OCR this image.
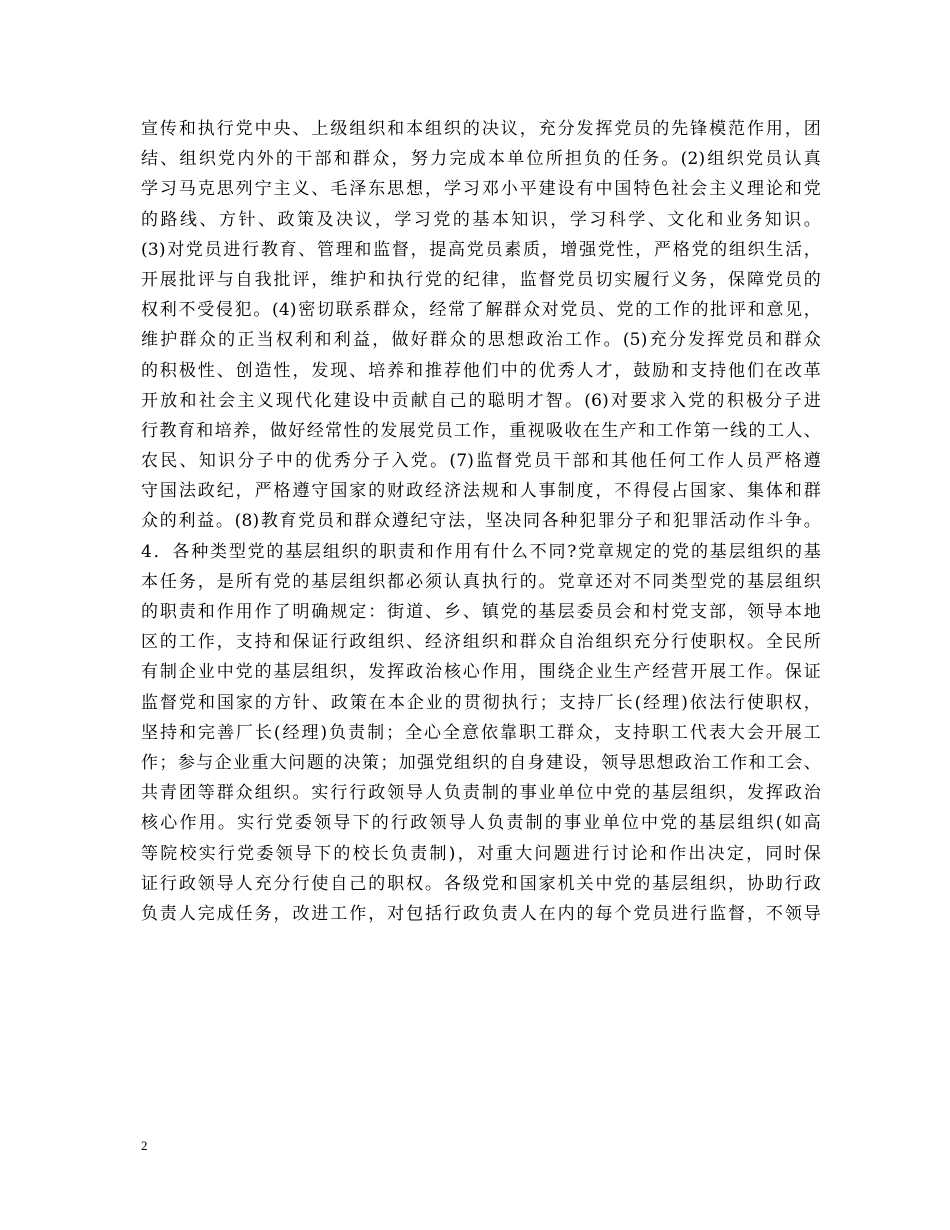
宣传和执行党中央、上级组织和本组织的决议，充分发挥党员的先锋模范作用，团
结、组织党内外的干部和群众，努力完成本单位所担负的任务。(2)组织党员认真
学习马克思列宁主义、毛泽东思想，学习邓小平建设有中国特色社会主义理论和党
的路线、方针、政策及决议，学习党的基本知识，学习科学、文化和业务知识。
(3)对党员进行教育、管理和监督，提高党员素质，增强党性，严格党的组织生活，
开展批评与自我批评，维护和执行党的纪律，监督党员切实履行义务，保障党员的
权利不受侵犯。(4)密切联系群众，经常了解群众对党员、党的工作的批评和意见，
维护群众的正当权利和利益，做好群众的思想政治工作。(5)充分发挥党员和群众
的积极性、创造性，发现、培养和推荐他们中的优秀人才，鼓励和支持他们在改革
开放和社会主义现代化建设中贡献自己的聪明才智。(6)对要求入党的积极分子进
行教育和培养，做好经常性的发展党员工作，重视吸收在生产和工作第一线的工人、
农民、知识分子中的优秀分子入党。(7)监督党员干部和其他任何工作人员严格遵
守国法政纪，严格遵守国家的财政经济法规和人事制度，不得侵占国家、集体和群
众的利益。(8)教育党员和群众遵纪守法，坚决同各种犯罪分子和犯罪活动作斗争。
4．各种类型党的基层组织的职责和作用有什么不同?党章规定的党的基层组织的基
本任务，是所有党的基层组织都必须认真执行的。党章还对不同类型党的基层组织
的职责和作用作了明确规定：街道、乡、镇党的基层委员会和村党支部，领导本地
区的工作，支持和保证行政组织、经济组织和群众自治组织充分行使职权。全民所
有制企业中党的基层组织，发挥政治核心作用，围绕企业生产经营开展工作。保证
监督党和国家的方针、政策在本企业的贯彻执行；支持厂长(经理)依法行使职权，
坚持和完善厂长(经理)负责制；全心全意依靠职工群众，支持职工代表大会开展工
作；参与企业重大问题的决策；加强党组织的自身建设，领导思想政治工作和工会、
共青团等群众组织。实行行政领导人负责制的事业单位中党的基层组织，发挥政治
核心作用。实行党委领导下的行政领导人负责制的事业单位中党的基层组织(如高
等院校实行党委领导下的校长负责制)，对重大问题进行讨论和作出决定，同时保
证行政领导人充分行使自己的职权。各级党和国家机关中党的基层组织，协助行政
负责人完成任务，改进工作，对包括行政负责人在内的每个党员进行监督，不领导
2
